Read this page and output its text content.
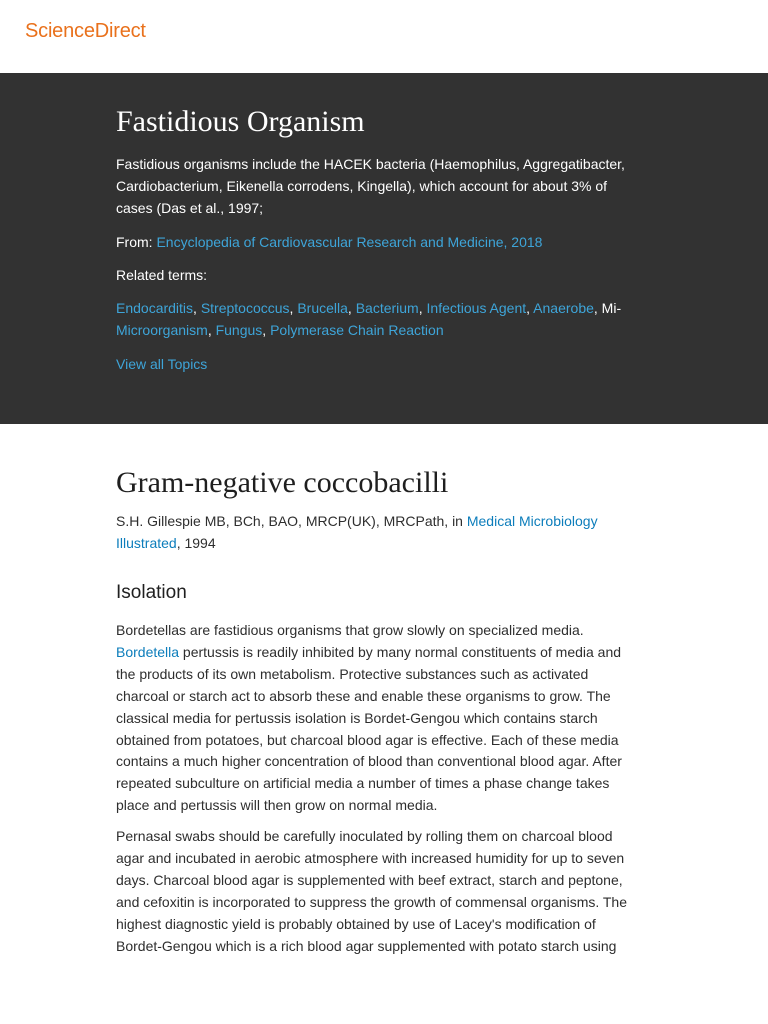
ScienceDirect
Fastidious Organism

Fastidious organisms include the HACEK bacteria (Haemophilus, Aggregatibacter, Cardiobacterium, Eikenella corrodens, Kingella), which account for about 3% of cases (Das et al., 1997;

From: Encyclopedia of Cardiovascular Research and Medicine, 2018

Related terms:

Endocarditis, Streptococcus, Brucella, Bacterium, Infectious Agent, Anaerobe, MiMicroorganism, Fungus, Polymerase Chain Reaction

View all Topics

Gram-negative coccobacilli

S.H. Gillespie MB, BCh, BAO, MRCP(UK), MRCPath, in Medical Microbiology Illustrated, 1994

Isolation

Bordetellas are fastidious organisms that grow slowly on specialized media. Bordetella pertussis is readily inhibited by many normal constituents of media and the products of its own metabolism. Protective substances such as activated charcoal or starch act to absorb these and enable these organisms to grow. The classical media for pertussis isolation is Bordet-Gengou which contains starch obtained from potatoes, but charcoal blood agar is effective. Each of these media contains a much higher concentration of blood than conventional blood agar. After repeated subculture on artificial media a number of times a phase change takes place and pertussis will then grow on normal media.

Pernasal swabs should be carefully inoculated by rolling them on charcoal blood agar and incubated in aerobic atmosphere with increased humidity for up to seven days. Charcoal blood agar is supplemented with beef extract, starch and peptone, and cefoxitin is incorporated to suppress the growth of commensal organisms. The highest diagnostic yield is probably obtained by use of Lacey's modification of Bordet-Gengou which is a rich blood agar supplemented with potato starch using
